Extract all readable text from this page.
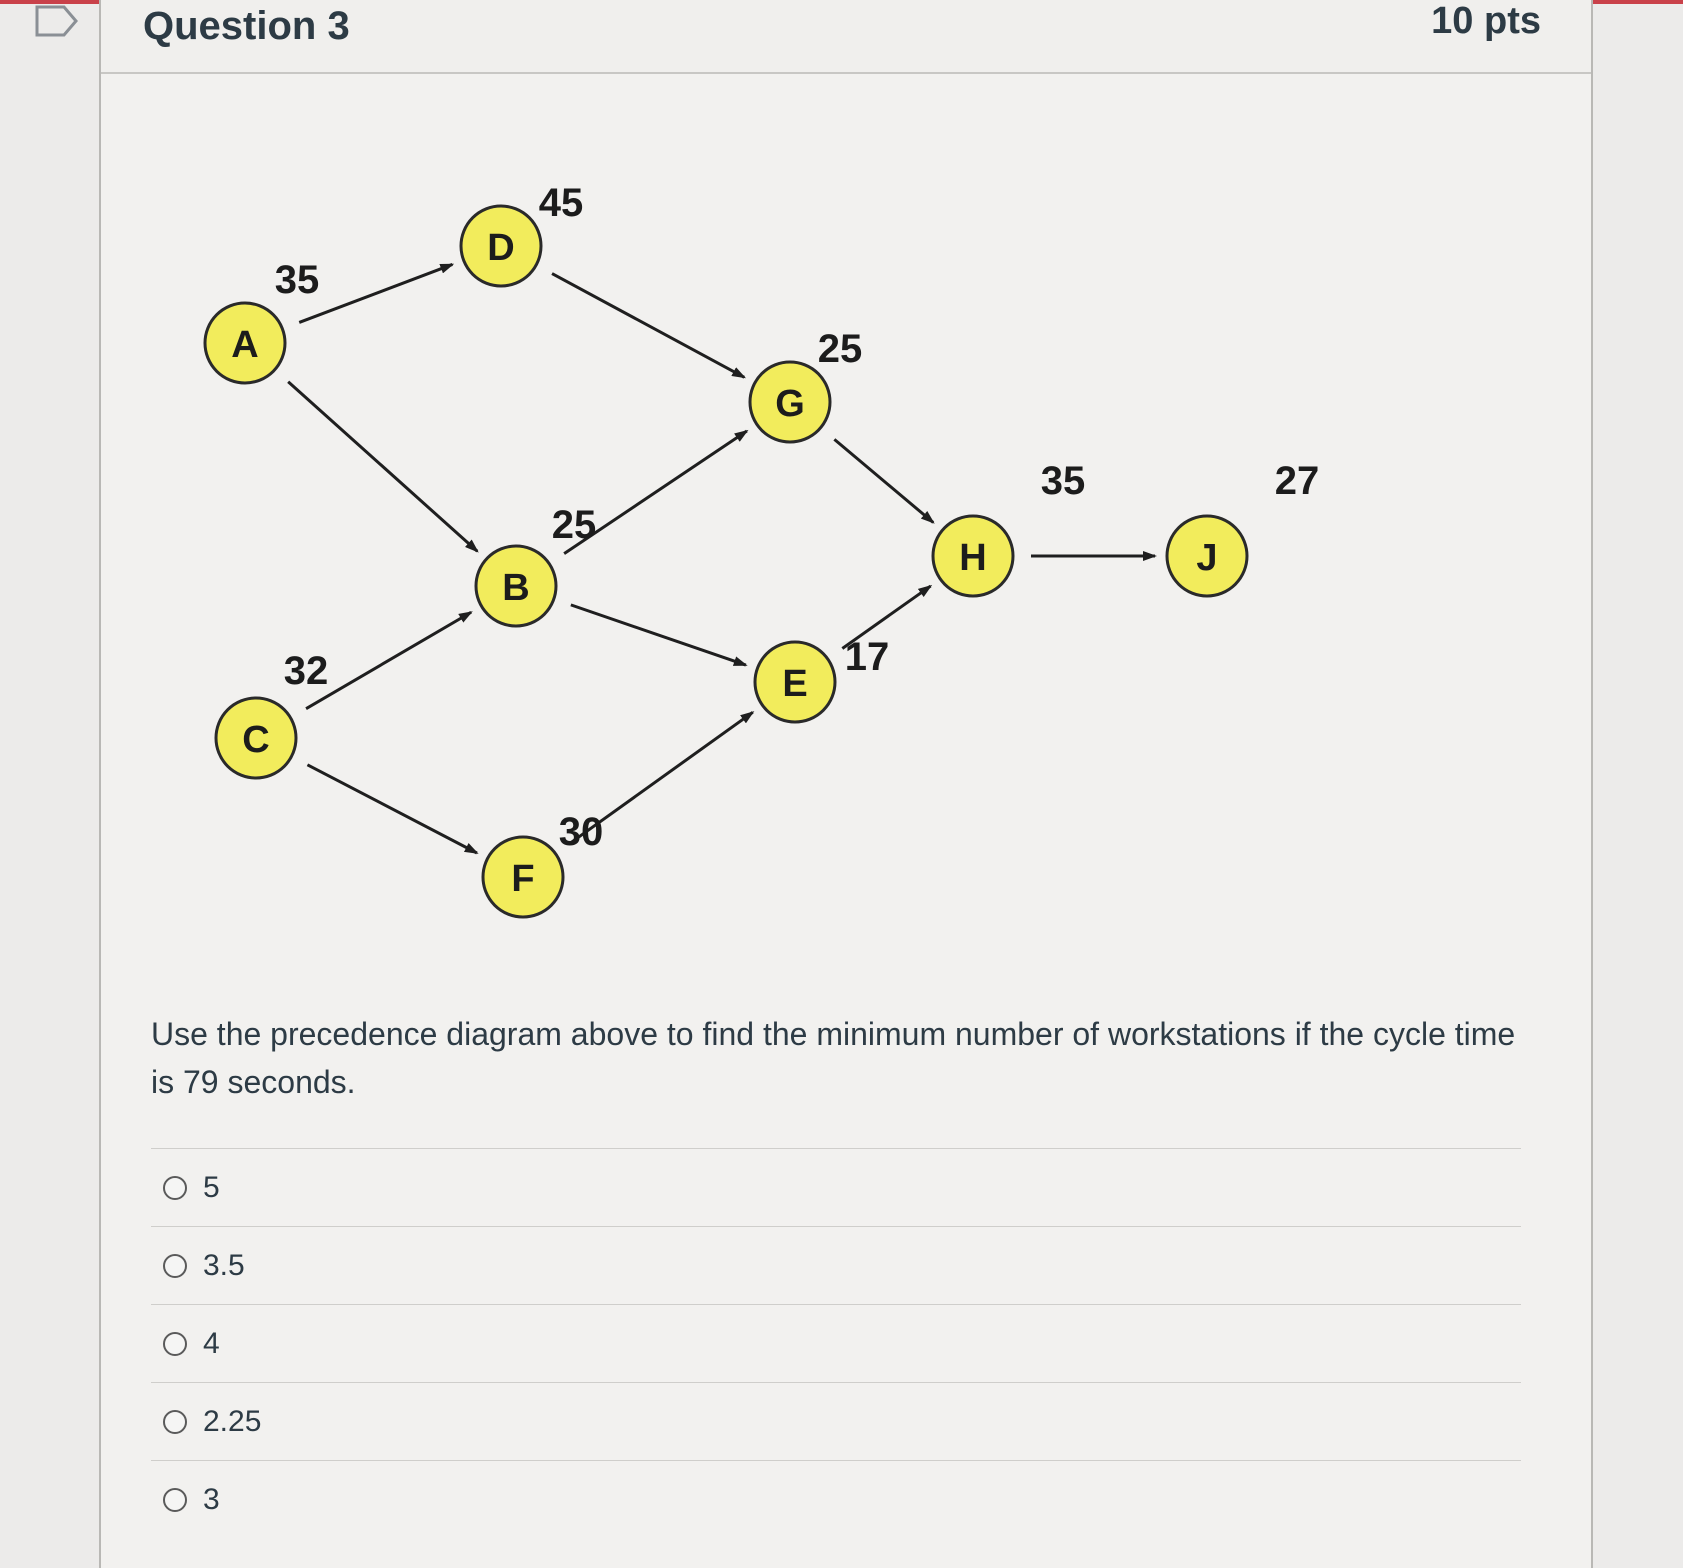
Question 3	10 pts
A
35
B
25
C
32
D
45
E
17
F
30
G
25
H
35
J
27
Use the precedence diagram above to find the minimum number of workstations if the cycle time is 79 seconds.
5
3.5
4
2.25
3
